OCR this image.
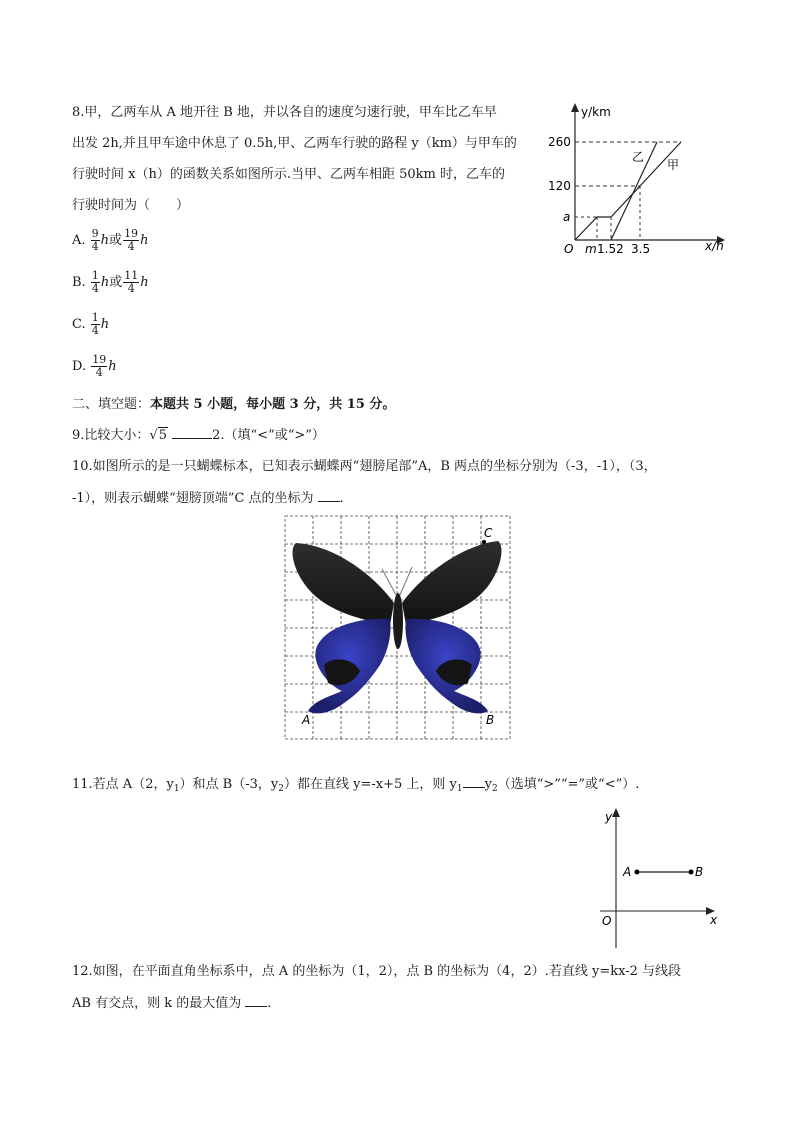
8.甲，乙两车从 A 地开往 B 地，并以各自的速度匀速行驶，甲车比乙车早
出发 2h,并且甲车途中休息了 0.5h,甲、乙两车行驶的路程 y（km）与甲车的
行驶时间 x（h）的函数关系如图所示.当甲、乙两车相距 50km 时，乙车的
行驶时间为（　　）
A. $\frac{9}{4}$ h或 $\frac{19}{4}$ h
B. $\frac{1}{4}$ h或 $\frac{11}{4}$ h
C. $\frac{1}{4}$ h
D. $\frac{19}{4}$ h
y/km
x/h
260
120
a
O m 1.52 3.5
乙
甲
二、填空题：本题共 5 小题，每小题 3 分，共 15 分。
9.比较大小：√5	2.（填“<”或“>”）
10.如图所示的是一只蝴蝶标本，已知表示蝴蝶两“翅膀尾部”A，B 两点的坐标分别为（-3，-1），（3，
-1），则表示蝴蝶“翅膀顶端”C 点的坐标为 .
C
A	B
11.若点 A（2，$y_1$）和点 B（-3，$y_2$）都在直线 y=-x+5 上，则 $y_1$ $y_2$（选填“>”“=”或“<”）.
y
x
O
A	B
12.如图，在平面直角坐标系中，点 A 的坐标为（1，2），点 B 的坐标为（4，2）.若直线 y=kx-2 与线段
AB 有交点，则 k 的最大值为 .
